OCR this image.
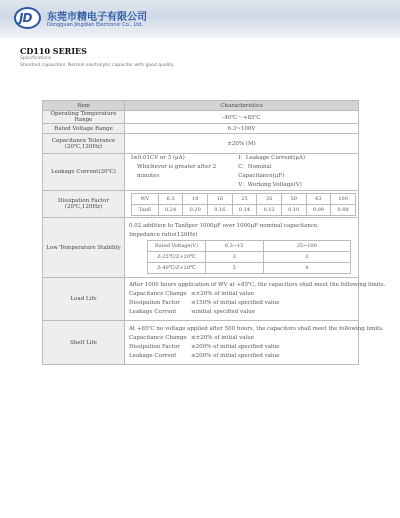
JD 东莞市精电子有限公司
Dongguan Jingdian Electronic Co., Ltd.
CD110 SERIES
Specifications
Standard capacitors. Normal electrolytic capacitor with good quality.
Item	Characteristics
Operating Temperature Range	-40℃～+85℃
Rated Voltage Range	6.3~100V

Capacitance Tolerance
(20℃,120Hz)	±20% (M)
Leakage Current(20℃)	
I≤0.01CV or 3 (μA)
Whichever is greater after 2 minutes
I：Leakage Current(μA)
C：Nominal Capacitance(μF)
V：Working Voltage(V)

Dissipation Factor
(20℃,120Hz)

WV	6.3	10	16	25	35	50	63	100
Tanδ	0.24	0.20	0.16	0.14	0.12	0.10	0.09	0.08

Low Temperature Stability	
0.02 addition to Tanδper 1000μF over 1000μF nominal capacitance.
Impedance ratio(120Hz)
Rated Voltage(V)	6.3~15	25~100
Z-25℃/Z+20℃	3	3
Z-40℃/Z+20℃	5	4

Load Life	
After 1000 hours application of WV at +85℃, the capacitors shall meet the following limits.
Capacitance Change ≤±20% of initial value
Dissipation Factor ≤150% of initial specified value
Leakage Current	≤initial specified value

Shelf Life	
At +85℃ no voltage applied after 500 hours, the capacitors shall meet the following limits.
Capacitance Change ≤±20% of initial value
Dissipation Factor ≤200% of initial specified value
Leakage Current	≤200% of initial specified value
